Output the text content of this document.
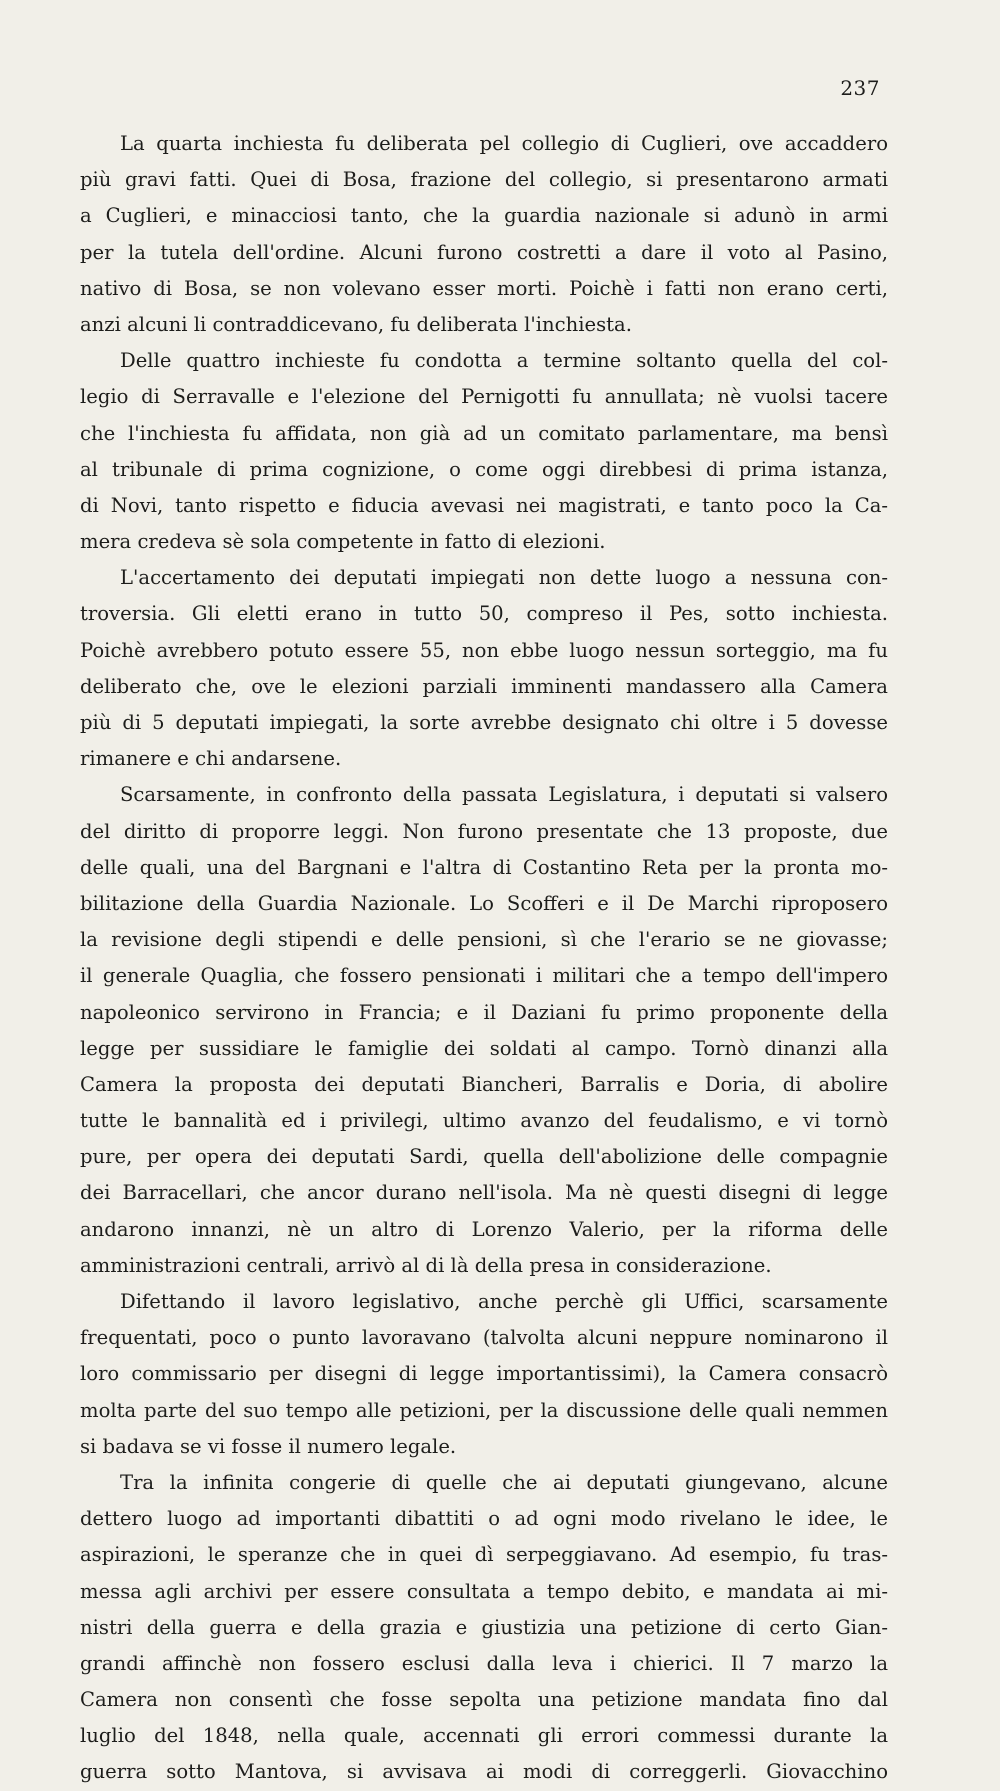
237
La quarta inchiesta fu deliberata pel collegio di Cuglieri, ove accaddero
più gravi fatti. Quei di Bosa, frazione del collegio, si presentarono armati
a Cuglieri, e minacciosi tanto, che la guardia nazionale si adunò in armi
per la tutela dell'ordine. Alcuni furono costretti a dare il voto al Pasino,
nativo di Bosa, se non volevano esser morti. Poichè i fatti non erano certi,
anzi alcuni li contraddicevano, fu deliberata l'inchiesta.
Delle quattro inchieste fu condotta a termine soltanto quella del col-
legio di Serravalle e l'elezione del Pernigotti fu annullata; nè vuolsi tacere
che l'inchiesta fu affidata, non già ad un comitato parlamentare, ma bensì
al tribunale di prima cognizione, o come oggi direbbesi di prima istanza,
di Novi, tanto rispetto e fiducia avevasi nei magistrati, e tanto poco la Ca-
mera credeva sè sola competente in fatto di elezioni.
L'accertamento dei deputati impiegati non dette luogo a nessuna con-
troversia. Gli eletti erano in tutto 50, compreso il Pes, sotto inchiesta.
Poichè avrebbero potuto essere 55, non ebbe luogo nessun sorteggio, ma fu
deliberato che, ove le elezioni parziali imminenti mandassero alla Camera
più di 5 deputati impiegati, la sorte avrebbe designato chi oltre i 5 dovesse
rimanere e chi andarsene.
Scarsamente, in confronto della passata Legislatura, i deputati si valsero
del diritto di proporre leggi. Non furono presentate che 13 proposte, due
delle quali, una del Bargnani e l'altra di Costantino Reta per la pronta mo-
bilitazione della Guardia Nazionale. Lo Scofferi e il De Marchi riproposero
la revisione degli stipendi e delle pensioni, sì che l'erario se ne giovasse;
il generale Quaglia, che fossero pensionati i militari che a tempo dell'impero
napoleonico servirono in Francia; e il Daziani fu primo proponente della
legge per sussidiare le famiglie dei soldati al campo. Tornò dinanzi alla
Camera la proposta dei deputati Biancheri, Barralis e Doria, di abolire
tutte le bannalità ed i privilegi, ultimo avanzo del feudalismo, e vi tornò
pure, per opera dei deputati Sardi, quella dell'abolizione delle compagnie
dei Barracellari, che ancor durano nell'isola. Ma nè questi disegni di legge
andarono innanzi, nè un altro di Lorenzo Valerio, per la riforma delle
amministrazioni centrali, arrivò al di là della presa in considerazione.
Difettando il lavoro legislativo, anche perchè gli Uffici, scarsamente
frequentati, poco o punto lavoravano (talvolta alcuni neppure nominarono il
loro commissario per disegni di legge importantissimi), la Camera consacrò
molta parte del suo tempo alle petizioni, per la discussione delle quali nemmen
si badava se vi fosse il numero legale.
Tra la infinita congerie di quelle che ai deputati giungevano, alcune
dettero luogo ad importanti dibattiti o ad ogni modo rivelano le idee, le
aspirazioni, le speranze che in quei dì serpeggiavano. Ad esempio, fu tras-
messa agli archivi per essere consultata a tempo debito, e mandata ai mi-
nistri della guerra e della grazia e giustizia una petizione di certo Gian-
grandi affinchè non fossero esclusi dalla leva i chierici. Il 7 marzo la
Camera non consentì che fosse sepolta una petizione mandata fino dal
luglio del 1848, nella quale, accennati gli errori commessi durante la
guerra sotto Mantova, si avvisava ai modi di correggerli. Giovacchino
